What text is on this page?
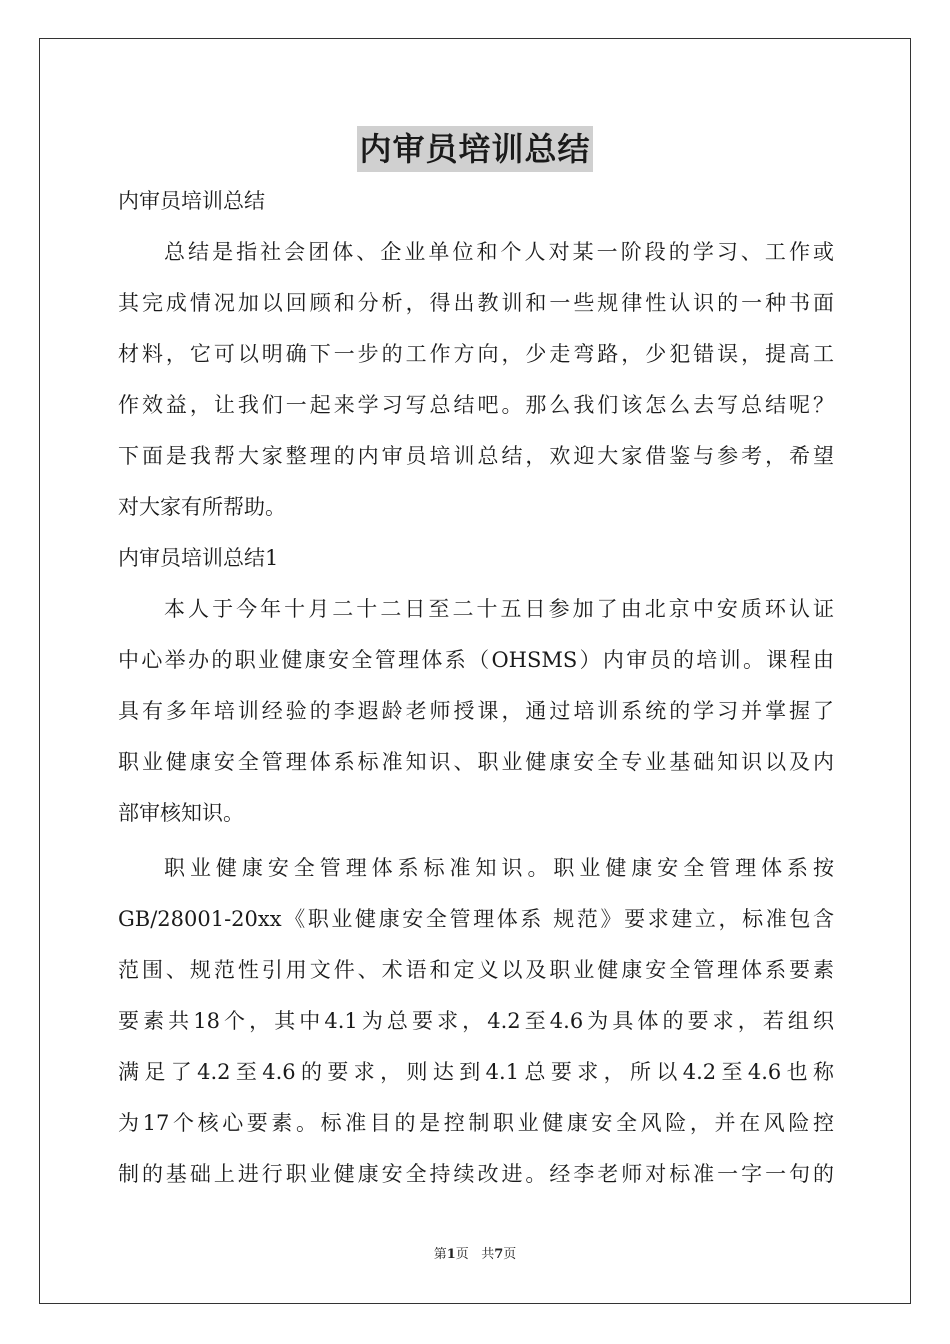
内审员培训总结
内审员培训总结
总结是指社会团体、企业单位和个人对某一阶段的学习、工作或
其完成情况加以回顾和分析，得出教训和一些规律性认识的一种书面
材料，它可以明确下一步的工作方向，少走弯路，少犯错误，提高工
作效益，让我们一起来学习写总结吧。那么我们该怎么去写总结呢？
下面是我帮大家整理的内审员培训总结，欢迎大家借鉴与参考，希望
对大家有所帮助。
内审员培训总结1
本人于今年十月二十二日至二十五日参加了由北京中安质环认证
中心举办的职业健康安全管理体系（OHSMS）内审员的培训。课程由
具有多年培训经验的李遐龄老师授课，通过培训系统的学习并掌握了
职业健康安全管理体系标准知识、职业健康安全专业基础知识以及内
部审核知识。
职业健康安全管理体系标准知识。职业健康安全管理体系按
GB/28001-20xx《职业健康安全管理体系 规范》要求建立，标准包含
范围、规范性引用文件、术语和定义以及职业健康安全管理体系要素
要素共18个，其中4.1为总要求，4.2至4.6为具体的要求，若组织
满足了4.2至4.6的要求，则达到4.1总要求，所以4.2至4.6也称
为17个核心要素。标准目的是控制职业健康安全风险，并在风险控
制的基础上进行职业健康安全持续改进。经李老师对标准一字一句的
第1页 共7页
